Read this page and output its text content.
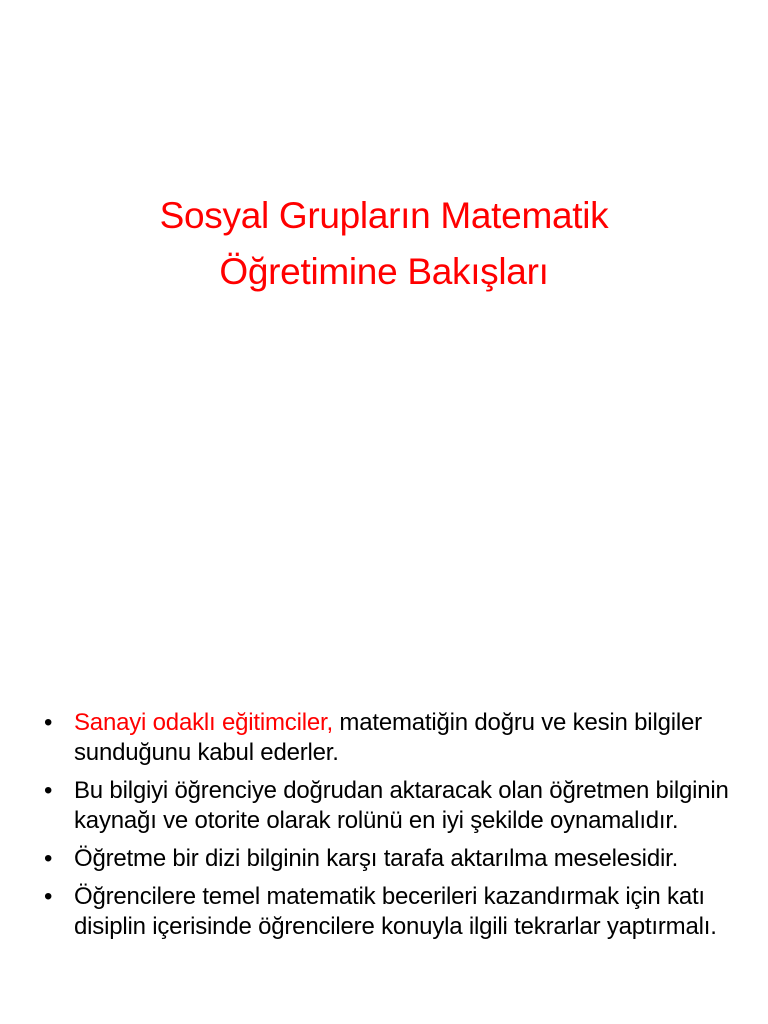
Sosyal Grupların Matematik
Öğretimine Bakışları
• Sanayi odaklı eğitimciler, matematiğin doğru ve kesin bilgiler sunduğunu kabul ederler.
• Bu bilgiyi öğrenciye doğrudan aktaracak olan öğretmen bilginin kaynağı ve otorite olarak rolünü en iyi şekilde oynamalıdır.
• Öğretme bir dizi bilginin karşı tarafa aktarılma meselesidir.
• Öğrencilere temel matematik becerileri kazandırmak için katı disiplin içerisinde öğrencilere konuyla ilgili tekrarlar yaptırmalı.
